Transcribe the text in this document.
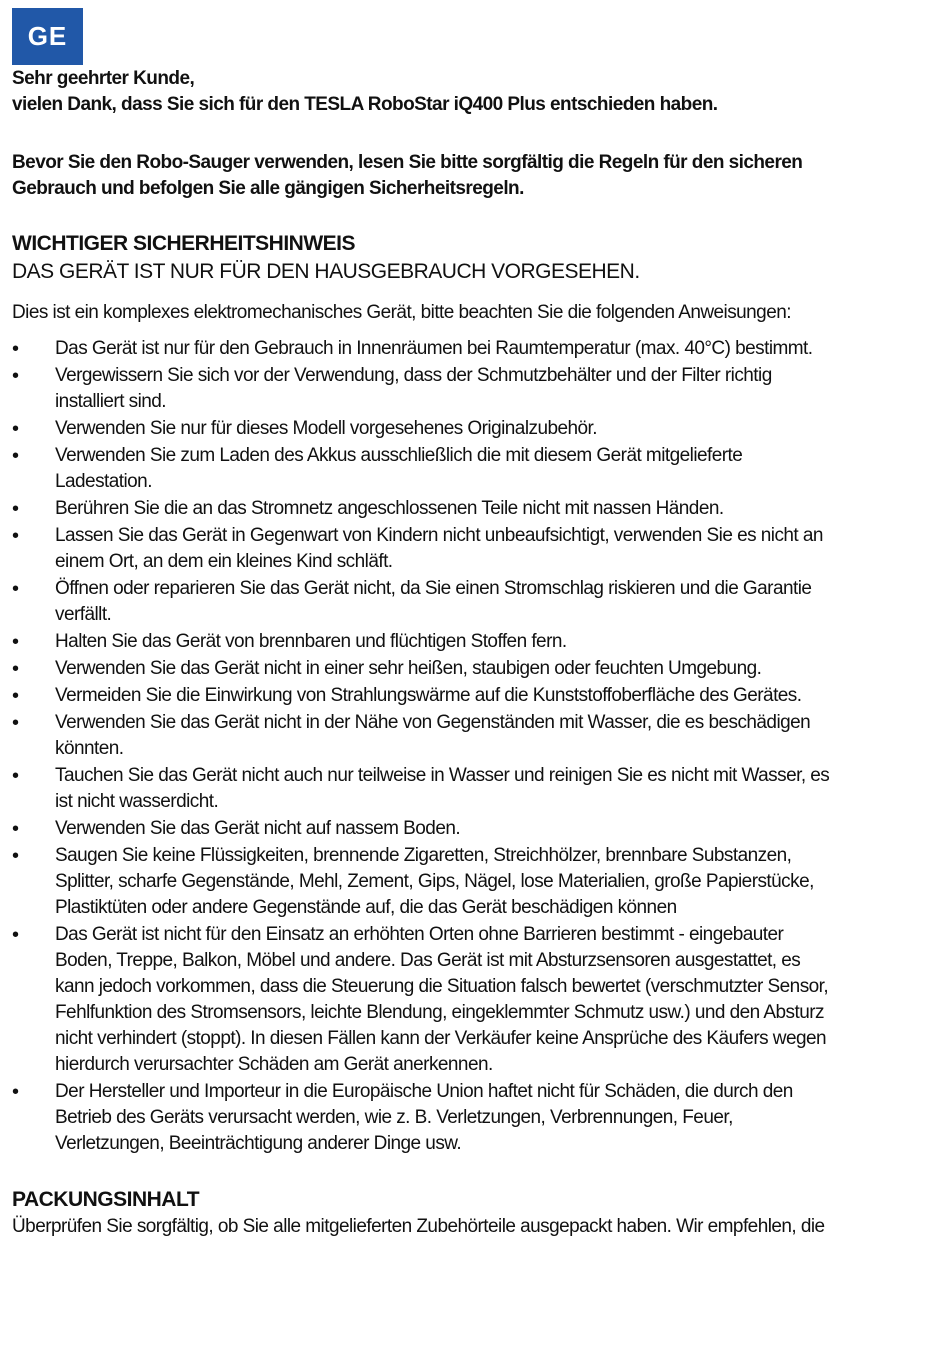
GE
Sehr geehrter Kunde,
vielen Dank, dass Sie sich für den TESLA RoboStar iQ400 Plus entschieden haben.
Bevor Sie den Robo-Sauger verwenden, lesen Sie bitte sorgfältig die Regeln für den sicheren
Gebrauch und befolgen Sie alle gängigen Sicherheitsregeln.
WICHTIGER SICHERHEITSHINWEIS
DAS GERÄT IST NUR FÜR DEN HAUSGEBRAUCH VORGESEHEN.
Dies ist ein komplexes elektromechanisches Gerät, bitte beachten Sie die folgenden Anweisungen:
• Das Gerät ist nur für den Gebrauch in Innenräumen bei Raumtemperatur (max. 40°C) bestimmt.
• Vergewissern Sie sich vor der Verwendung, dass der Schmutzbehälter und der Filter richtig
installiert sind.
• Verwenden Sie nur für dieses Modell vorgesehenes Originalzubehör.
• Verwenden Sie zum Laden des Akkus ausschließlich die mit diesem Gerät mitgelieferte
Ladestation.
• Berühren Sie die an das Stromnetz angeschlossenen Teile nicht mit nassen Händen.
• Lassen Sie das Gerät in Gegenwart von Kindern nicht unbeaufsichtigt, verwenden Sie es nicht an
einem Ort, an dem ein kleines Kind schläft.
• Öffnen oder reparieren Sie das Gerät nicht, da Sie einen Stromschlag riskieren und die Garantie
verfällt.
• Halten Sie das Gerät von brennbaren und flüchtigen Stoffen fern.
• Verwenden Sie das Gerät nicht in einer sehr heißen, staubigen oder feuchten Umgebung.
• Vermeiden Sie die Einwirkung von Strahlungswärme auf die Kunststoffoberfläche des Gerätes.
• Verwenden Sie das Gerät nicht in der Nähe von Gegenständen mit Wasser, die es beschädigen
könnten.
• Tauchen Sie das Gerät nicht auch nur teilweise in Wasser und reinigen Sie es nicht mit Wasser, es
ist nicht wasserdicht.
• Verwenden Sie das Gerät nicht auf nassem Boden.
• Saugen Sie keine Flüssigkeiten, brennende Zigaretten, Streichhölzer, brennbare Substanzen,
Splitter, scharfe Gegenstände, Mehl, Zement, Gips, Nägel, lose Materialien, große Papierstücke,
Plastiktüten oder andere Gegenstände auf, die das Gerät beschädigen können
• Das Gerät ist nicht für den Einsatz an erhöhten Orten ohne Barrieren bestimmt - eingebauter
Boden, Treppe, Balkon, Möbel und andere. Das Gerät ist mit Absturzsensoren ausgestattet, es
kann jedoch vorkommen, dass die Steuerung die Situation falsch bewertet (verschmutzter Sensor,
Fehlfunktion des Stromsensors, leichte Blendung, eingeklemmter Schmutz usw.) und den Absturz
nicht verhindert (stoppt). In diesen Fällen kann der Verkäufer keine Ansprüche des Käufers wegen
hierdurch verursachter Schäden am Gerät anerkennen.
• Der Hersteller und Importeur in die Europäische Union haftet nicht für Schäden, die durch den
Betrieb des Geräts verursacht werden, wie z. B. Verletzungen, Verbrennungen, Feuer,
Verletzungen, Beeinträchtigung anderer Dinge usw.
PACKUNGSINHALT
Überprüfen Sie sorgfältig, ob Sie alle mitgelieferten Zubehörteile ausgepackt haben. Wir empfehlen, die
